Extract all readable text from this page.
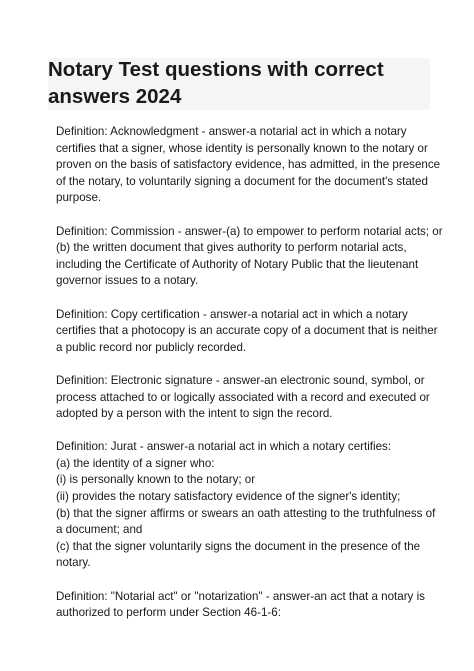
Notary Test questions with correct
answers 2024

Definition: Acknowledgment - answer-a notarial act in which a notary
certifies that a signer, whose identity is personally known to the notary or
proven on the basis of satisfactory evidence, has admitted, in the presence
of the notary, to voluntarily signing a document for the document's stated
purpose.

Definition: Commission - answer-(a) to empower to perform notarial acts; or
(b) the written document that gives authority to perform notarial acts,
including the Certificate of Authority of Notary Public that the lieutenant
governor issues to a notary.

Definition: Copy certification - answer-a notarial act in which a notary
certifies that a photocopy is an accurate copy of a document that is neither
a public record nor publicly recorded.

Definition: Electronic signature - answer-an electronic sound, symbol, or
process attached to or logically associated with a record and executed or
adopted by a person with the intent to sign the record.

Definition: Jurat - answer-a notarial act in which a notary certifies:
(a) the identity of a signer who:
(i) is personally known to the notary; or
(ii) provides the notary satisfactory evidence of the signer's identity;
(b) that the signer affirms or swears an oath attesting to the truthfulness of
a document; and
(c) that the signer voluntarily signs the document in the presence of the
notary.

Definition: "Notarial act" or "notarization" - answer-an act that a notary is
authorized to perform under Section 46-1-6:
